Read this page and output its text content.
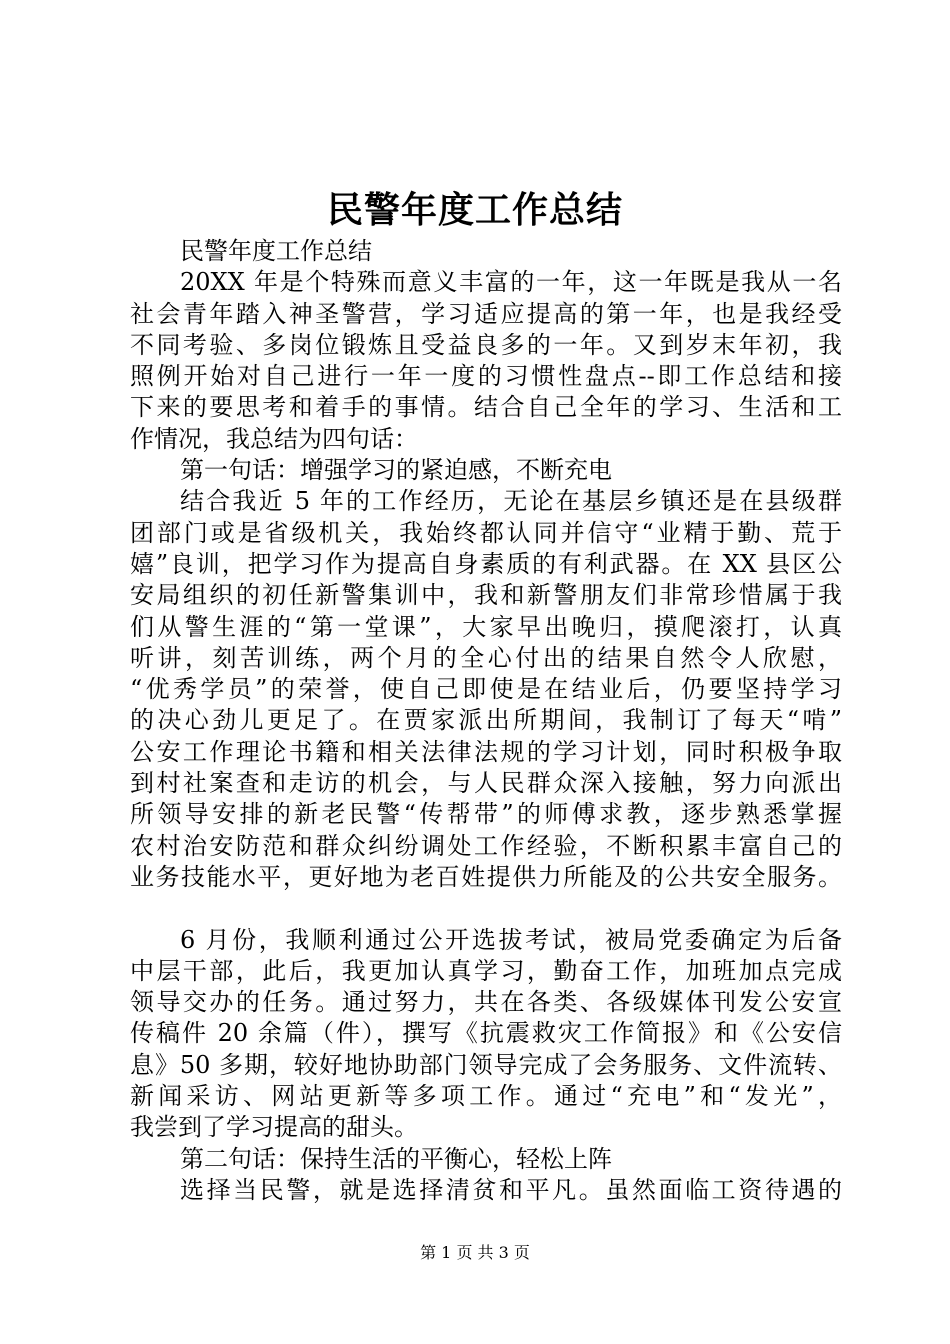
民警年度工作总结
民警年度工作总结
20XX 年是个特殊而意义丰富的一年，这一年既是我从一名
社会青年踏入神圣警营，学习适应提高的第一年，也是我经受
不同考验、多岗位锻炼且受益良多的一年。又到岁末年初，我
照例开始对自己进行一年一度的习惯性盘点--即工作总结和接
下来的要思考和着手的事情。结合自己全年的学习、生活和工
作情况，我总结为四句话：
第一句话：增强学习的紧迫感，不断充电
结合我近 5 年的工作经历，无论在基层乡镇还是在县级群
团部门或是省级机关，我始终都认同并信守“业精于勤、荒于
嬉”良训，把学习作为提高自身素质的有利武器。在 XX 县区公
安局组织的初任新警集训中，我和新警朋友们非常珍惜属于我
们从警生涯的“第一堂课”，大家早出晚归，摸爬滚打，认真
听讲，刻苦训练，两个月的全心付出的结果自然令人欣慰，
“优秀学员”的荣誉，使自己即使是在结业后，仍要坚持学习
的决心劲儿更足了。在贾家派出所期间，我制订了每天“啃”
公安工作理论书籍和相关法律法规的学习计划，同时积极争取
到村社案查和走访的机会，与人民群众深入接触，努力向派出
所领导安排的新老民警“传帮带”的师傅求教，逐步熟悉掌握
农村治安防范和群众纠纷调处工作经验，不断积累丰富自己的
业务技能水平，更好地为老百姓提供力所能及的公共安全服务。
6 月份，我顺利通过公开选拔考试，被局党委确定为后备
中层干部，此后，我更加认真学习，勤奋工作，加班加点完成
领导交办的任务。通过努力，共在各类、各级媒体刊发公安宣
传稿件 20 余篇（件），撰写《抗震救灾工作简报》和《公安信
息》50 多期，较好地协助部门领导完成了会务服务、文件流转、
新闻采访、网站更新等多项工作。通过“充电”和“发光”，
我尝到了学习提高的甜头。
第二句话：保持生活的平衡心，轻松上阵
选择当民警，就是选择清贫和平凡。虽然面临工资待遇的
第 1 页 共 3 页
